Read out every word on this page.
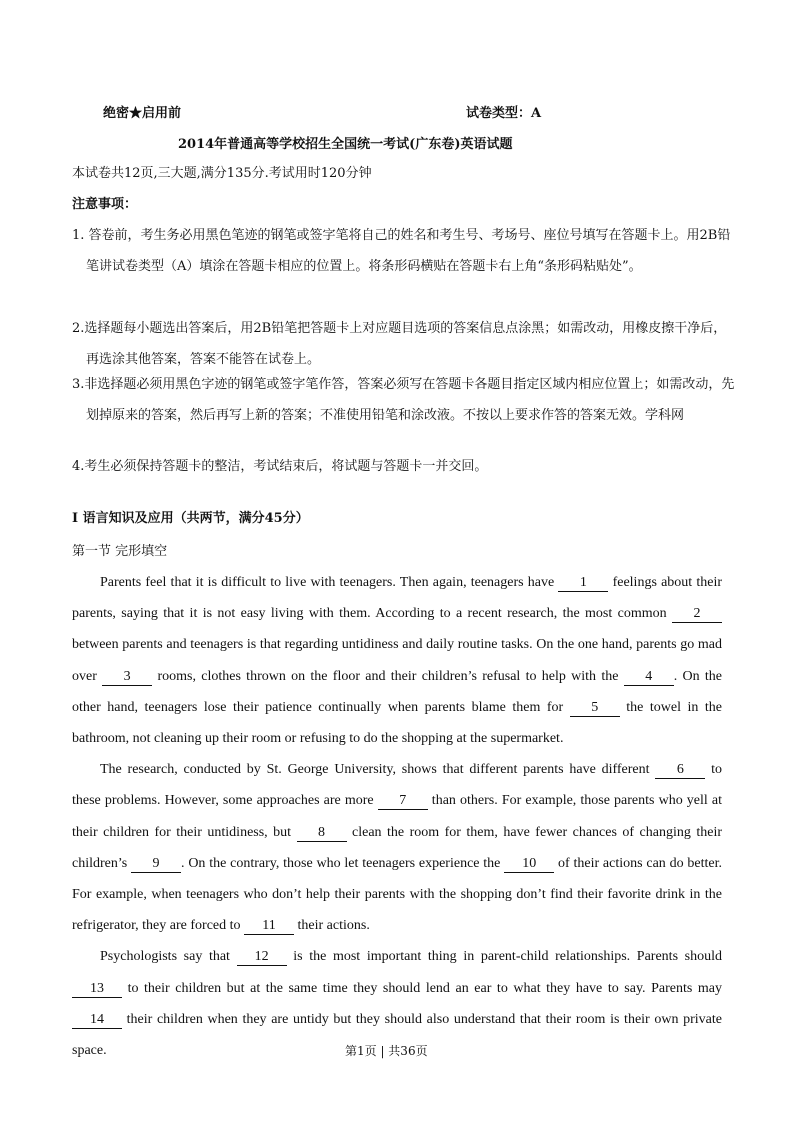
绝密★启用前	试卷类型：A
2014年普通高等学校招生全国统一考试(广东卷)英语试题
本试卷共12页,三大题,满分135分.考试用时120分钟
注意事项：
1. 答卷前，考生务必用黑色笔迹的钢笔或签字笔将自己的姓名和考生号、考场号、座位号填写在答题卡上。用2B铅笔讲试卷类型（A）填涂在答题卡相应的位置上。将条形码横贴在答题卡右上角“条形码粘贴处”。
2.选择题每小题选出答案后，用2B铅笔把答题卡上对应题目选项的答案信息点涂黑；如需改动，用橡皮擦干净后，再选涂其他答案，答案不能答在试卷上。
3.非选择题必须用黑色字迹的钢笔或签字笔作答，答案必须写在答题卡各题目指定区域内相应位置上；如需改动，先划掉原来的答案，然后再写上新的答案；不准使用铅笔和涂改液。不按以上要求作答的答案无效。学科网
4.考生必须保持答题卡的整洁，考试结束后，将试题与答题卡一并交回。
I 语言知识及应用（共两节，满分45分）
第一节 完形填空

Parents feel that it is difficult to live with teenagers. Then again, teenagers have 1 feelings about their parents, saying that it is not easy living with them. According to a recent research, the most common 2 between parents and teenagers is that regarding untidiness and daily routine tasks. On the one hand, parents go mad over 3 rooms, clothes thrown on the floor and their children’s refusal to help with the 4 . On the other hand, teenagers lose their patience continually when parents blame them for 5 the towel in the bathroom, not cleaning up their room or refusing to do the shopping at the supermarket.

The research, conducted by St. George University, shows that different parents have different 6 to these problems. However, some approaches are more 7 than others. For example, those parents who yell at their children for their untidiness, but 8 clean the room for them, have fewer chances of changing their children’s 9 . On the contrary, those who let teenagers experience the 10 of their actions can do better. For example, when teenagers who don’t help their parents with the shopping don’t find their favorite drink in the refrigerator, they are forced to 11 their actions.

Psychologists say that 12 is the most important thing in parent-child relationships. Parents should 13 to their children but at the same time they should lend an ear to what they have to say. Parents may 14 their children when they are untidy but they should also understand that their room is their own private space.	第1页 | 共36页
